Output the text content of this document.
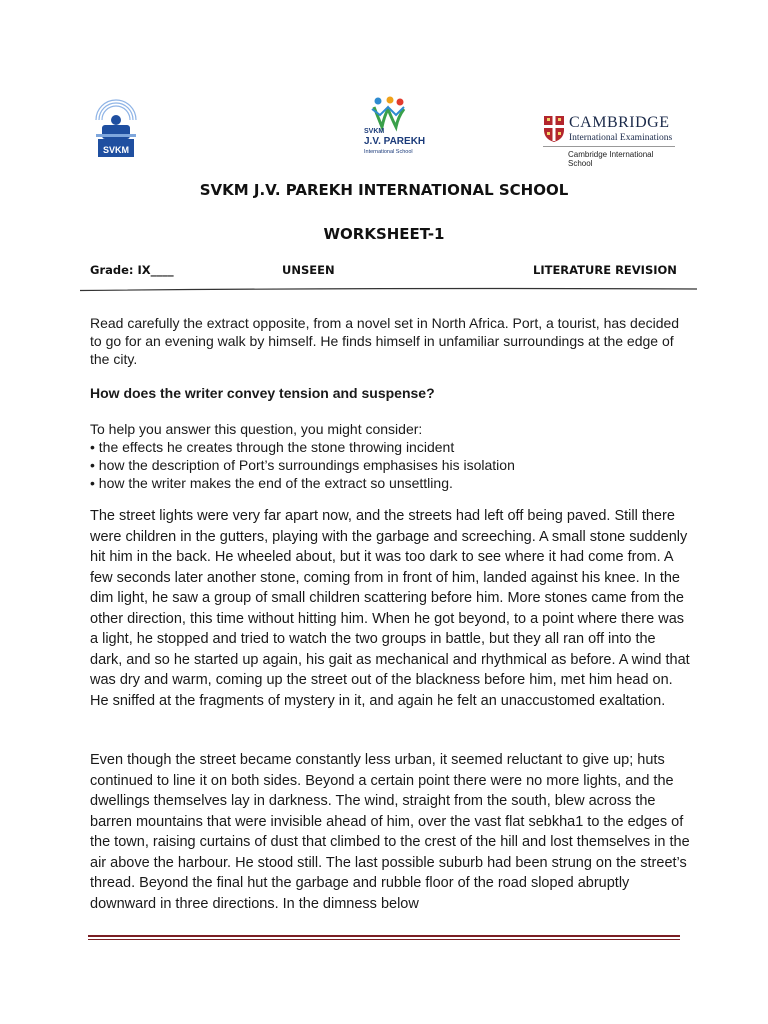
SVKM
SVKM
J.V. PAREKH
International School
CAMBRIDGE
International Examinations
Cambridge International School
SVKM J.V. PAREKH INTERNATIONAL SCHOOL
WORKSHEET-1
Grade: IX____	UNSEEN	LITERATURE REVISION
Read carefully the extract opposite, from a novel set in North Africa. Port, a tourist, has decided to go for an evening walk by himself. He finds himself in unfamiliar surroundings at the edge of the city.
How does the writer convey tension and suspense?
To help you answer this question, you might consider:
• the effects he creates through the stone throwing incident
• how the description of Port’s surroundings emphasises his isolation
• how the writer makes the end of the extract so unsettling.
The street lights were very far apart now, and the streets had left off being paved. Still there were children in the gutters, playing with the garbage and screeching. A small stone suddenly hit him in the back. He wheeled about, but it was too dark to see where it had come from. A few seconds later another stone, coming from in front of him, landed against his knee. In the dim light, he saw a group of small children scattering before him. More stones came from the other direction, this time without hitting him. When he got beyond, to a point where there was a light, he stopped and tried to watch the two groups in battle, but they all ran off into the dark, and so he started up again, his gait as mechanical and rhythmical as before. A wind that was dry and warm, coming up the street out of the blackness before him, met him head on. He sniffed at the fragments of mystery in it, and again he felt an unaccustomed exaltation.
Even though the street became constantly less urban, it seemed reluctant to give up; huts continued to line it on both sides. Beyond a certain point there were no more lights, and the dwellings themselves lay in darkness. The wind, straight from the south, blew across the barren mountains that were invisible ahead of him, over the vast flat sebkha1 to the edges of the town, raising curtains of dust that climbed to the crest of the hill and lost themselves in the air above the harbour. He stood still. The last possible suburb had been strung on the street’s thread. Beyond the final hut the garbage and rubble floor of the road sloped abruptly downward in three directions. In the dimness below
